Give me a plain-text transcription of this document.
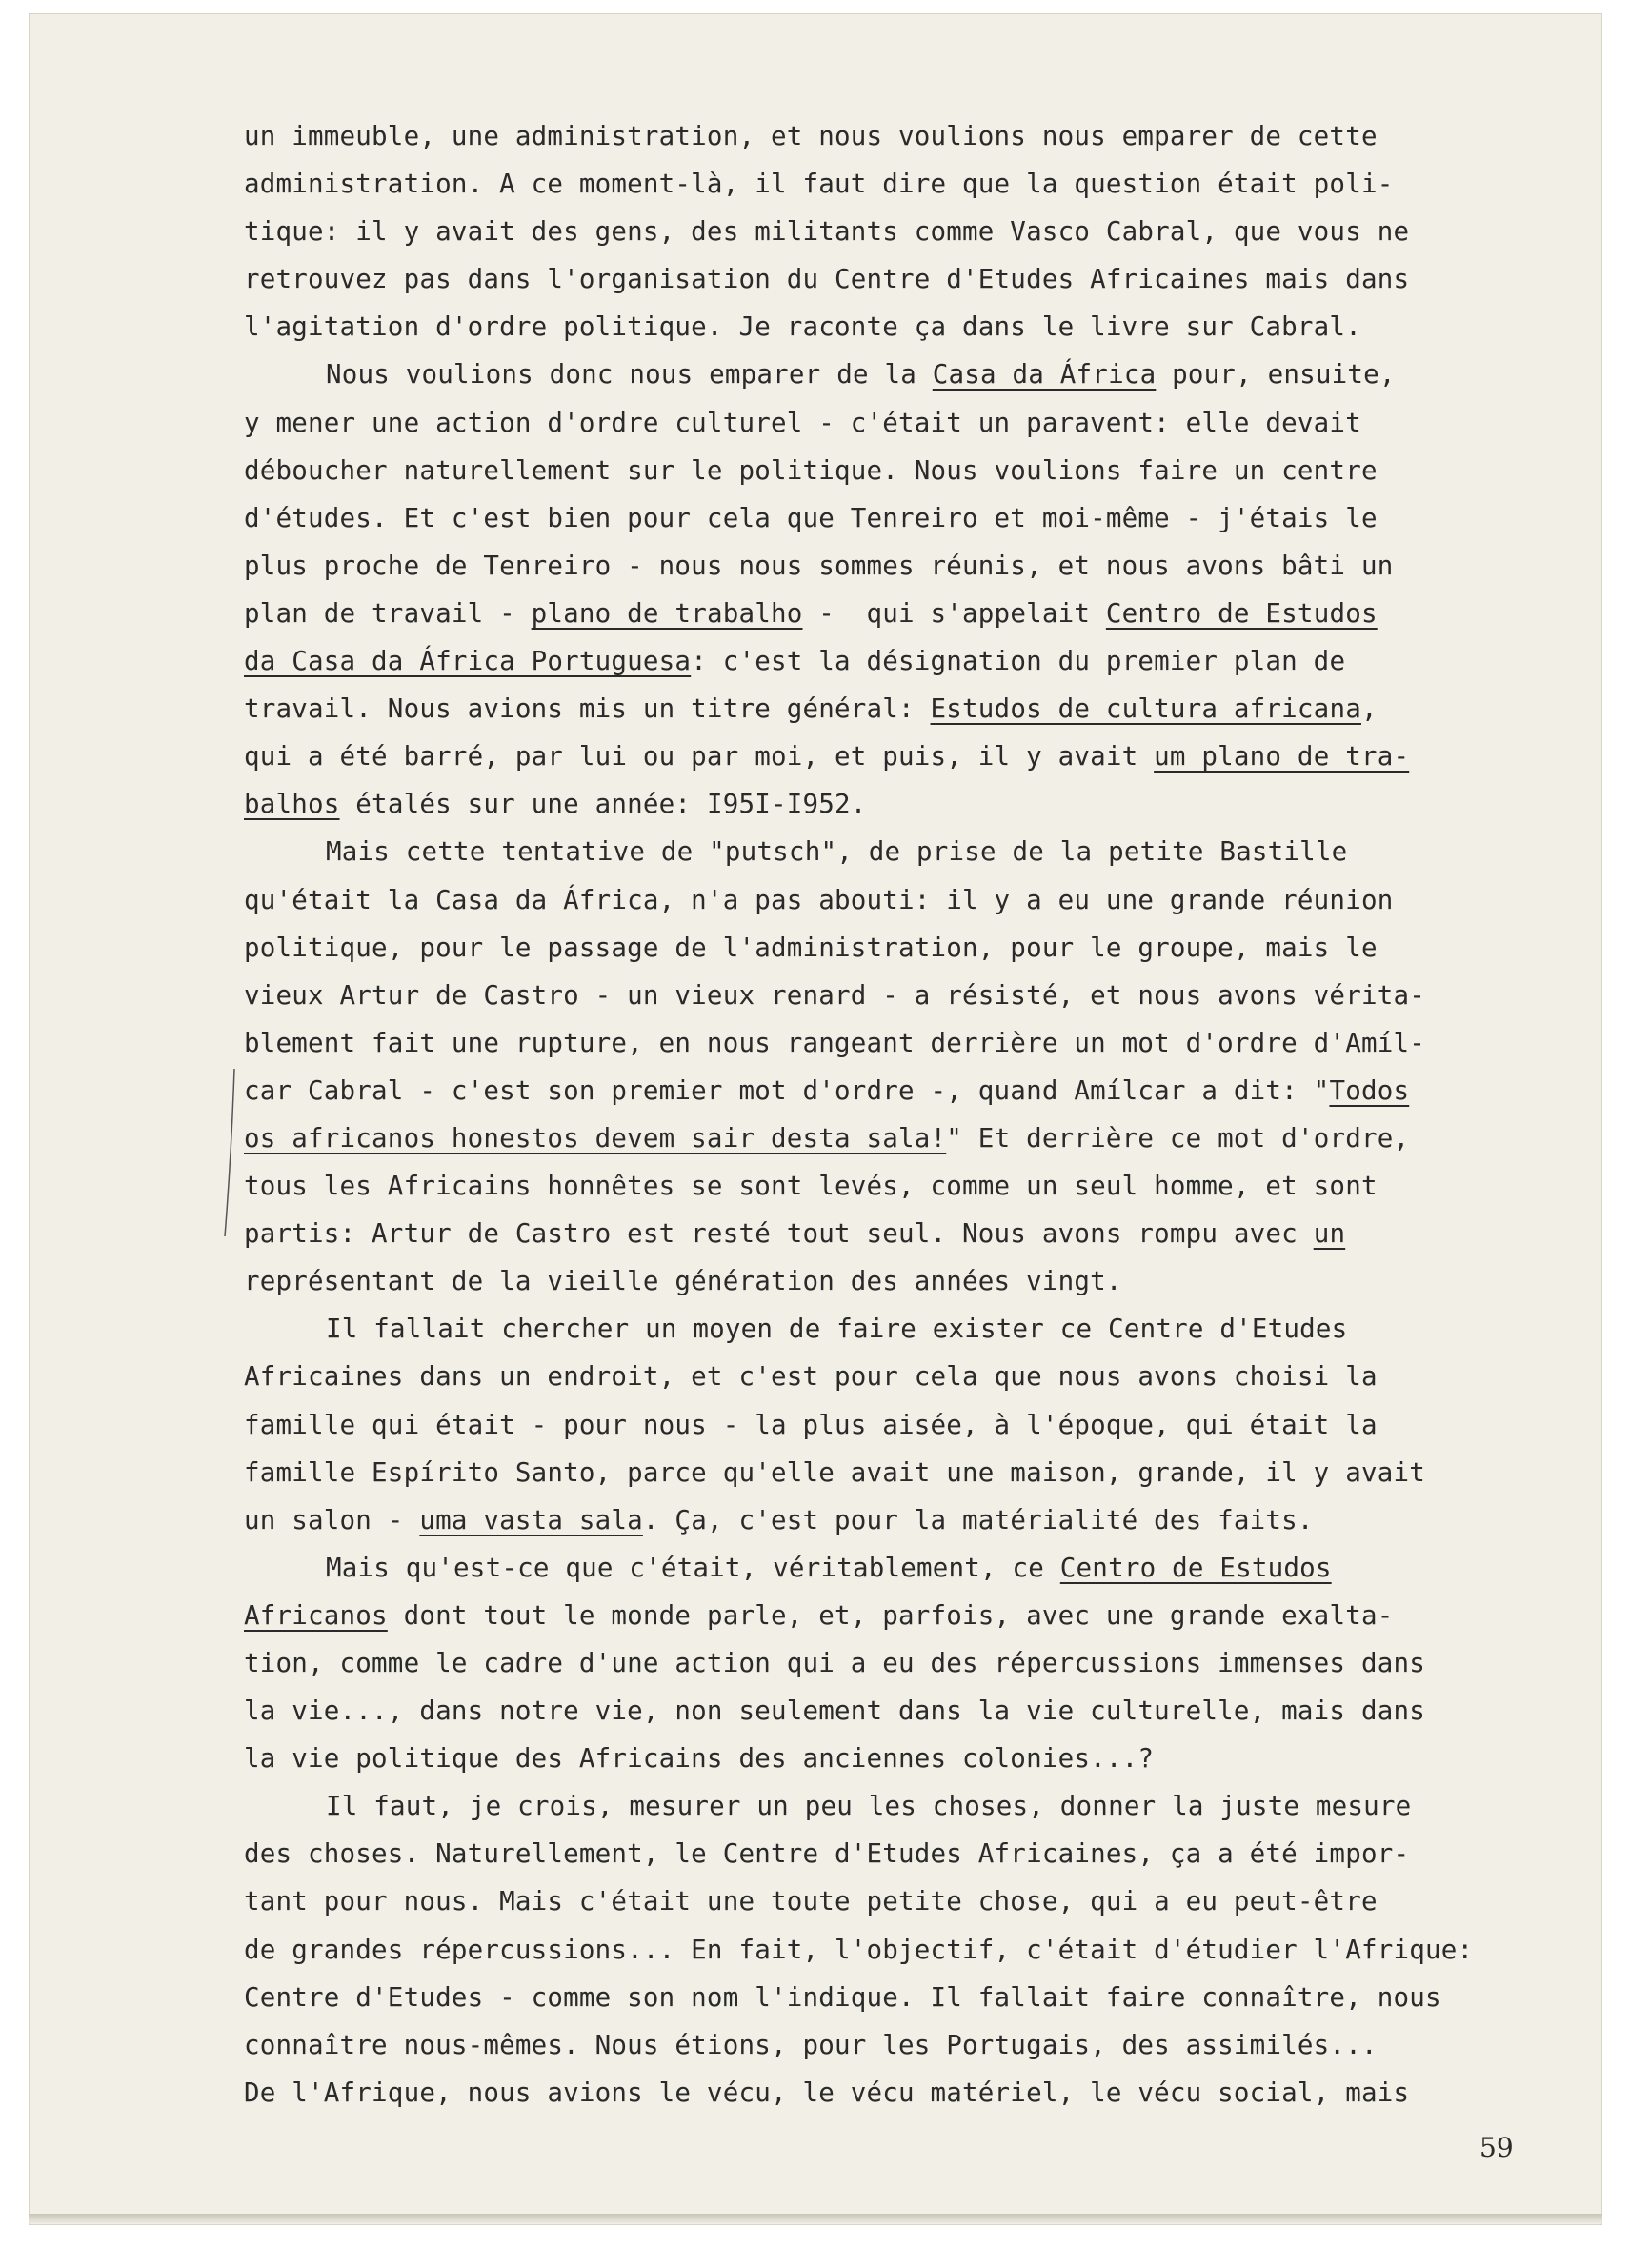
un immeuble, une administration, et nous voulions nous emparer de cette
administration. A ce moment-là, il faut dire que la question était poli-
tique: il y avait des gens, des militants comme Vasco Cabral, que vous ne
retrouvez pas dans l'organisation du Centre d'Etudes Africaines mais dans
l'agitation d'ordre politique. Je raconte ça dans le livre sur Cabral.
Nous voulions donc nous emparer de la Casa da África pour, ensuite,
y mener une action d'ordre culturel - c'était un paravent: elle devait
déboucher naturellement sur le politique. Nous voulions faire un centre
d'études. Et c'est bien pour cela que Tenreiro et moi-même - j'étais le
plus proche de Tenreiro - nous nous sommes réunis, et nous avons bâti un
plan de travail - plano de trabalho -  qui s'appelait Centro de Estudos
da Casa da África Portuguesa: c'est la désignation du premier plan de
travail. Nous avions mis un titre général: Estudos de cultura africana,
qui a été barré, par lui ou par moi, et puis, il y avait um plano de tra-
balhos étalés sur une année: I95I-I952.
Mais cette tentative de "putsch", de prise de la petite Bastille
qu'était la Casa da África, n'a pas abouti: il y a eu une grande réunion
politique, pour le passage de l'administration, pour le groupe, mais le
vieux Artur de Castro - un vieux renard - a résisté, et nous avons vérita-
blement fait une rupture, en nous rangeant derrière un mot d'ordre d'Amíl-
car Cabral - c'est son premier mot d'ordre -, quand Amílcar a dit: "Todos
os africanos honestos devem sair desta sala!" Et derrière ce mot d'ordre,
tous les Africains honnêtes se sont levés, comme un seul homme, et sont
partis: Artur de Castro est resté tout seul. Nous avons rompu avec un
représentant de la vieille génération des années vingt.
Il fallait chercher un moyen de faire exister ce Centre d'Etudes
Africaines dans un endroit, et c'est pour cela que nous avons choisi la
famille qui était - pour nous - la plus aisée, à l'époque, qui était la
famille Espírito Santo, parce qu'elle avait une maison, grande, il y avait
un salon - uma vasta sala. Ça, c'est pour la matérialité des faits.
Mais qu'est-ce que c'était, véritablement, ce Centro de Estudos
Africanos dont tout le monde parle, et, parfois, avec une grande exalta-
tion, comme le cadre d'une action qui a eu des répercussions immenses dans
la vie..., dans notre vie, non seulement dans la vie culturelle, mais dans
la vie politique des Africains des anciennes colonies...?
Il faut, je crois, mesurer un peu les choses, donner la juste mesure
des choses. Naturellement, le Centre d'Etudes Africaines, ça a été impor-
tant pour nous. Mais c'était une toute petite chose, qui a eu peut-être
de grandes répercussions... En fait, l'objectif, c'était d'étudier l'Afrique:
Centre d'Etudes - comme son nom l'indique. Il fallait faire connaître, nous
connaître nous-mêmes. Nous étions, pour les Portugais, des assimilés...
De l'Afrique, nous avions le vécu, le vécu matériel, le vécu social, mais
59
